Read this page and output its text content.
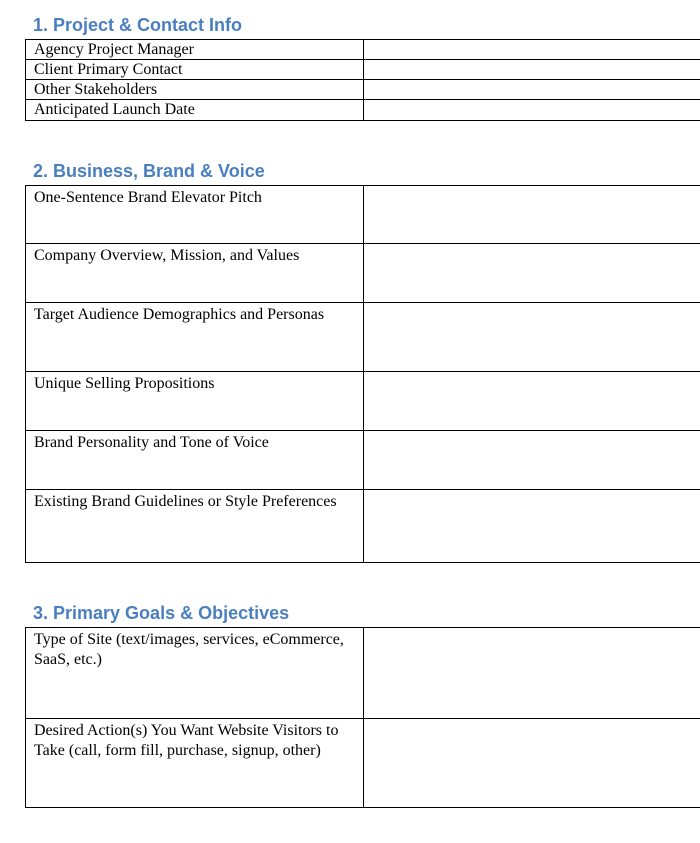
1. Project & Contact Info
Agency Project Manager	
Client Primary Contact	
Other Stakeholders	
Anticipated Launch Date	
2. Business, Brand & Voice
One-Sentence Brand Elevator Pitch	
Company Overview, Mission, and Values	
Target Audience Demographics and Personas	
Unique Selling Propositions	
Brand Personality and Tone of Voice	
Existing Brand Guidelines or Style Preferences	
3. Primary Goals & Objectives
Type of Site (text/images, services, eCommerce, SaaS, etc.)	
Desired Action(s) You Want Website Visitors to Take (call, form fill, purchase, signup, other)	
